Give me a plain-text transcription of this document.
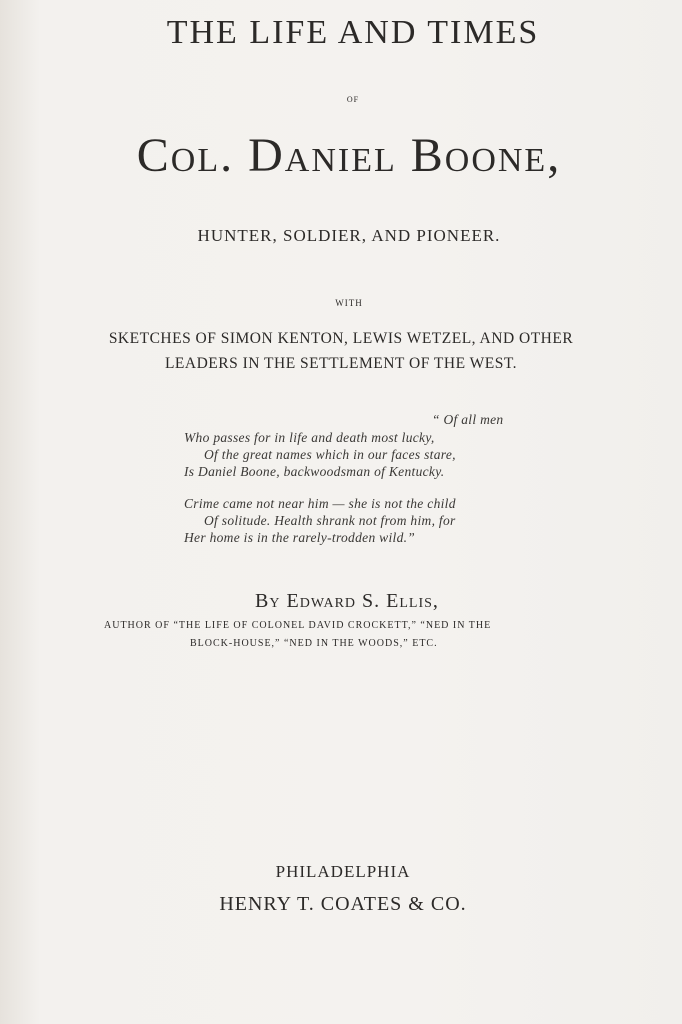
THE LIFE AND TIMES
OF
Col. Daniel Boone,
HUNTER, SOLDIER, AND PIONEER.
WITH
SKETCHES OF SIMON KENTON, LEWIS WETZEL, AND OTHER
LEADERS IN THE SETTLEMENT OF THE WEST.
“ Of all men
Who passes for in life and death most lucky,
Of the great names which in our faces stare,
Is Daniel Boone, backwoodsman of Kentucky.
Crime came not near him — she is not the child
Of solitude. Health shrank not from him, for
Her home is in the rarely-trodden wild.”
By Edward S. Ellis,
AUTHOR OF “THE LIFE OF COLONEL DAVID CROCKETT,” “NED IN THE
BLOCK-HOUSE,” “NED IN THE WOODS,” ETC.
PHILADELPHIA
HENRY T. COATES & CO.
